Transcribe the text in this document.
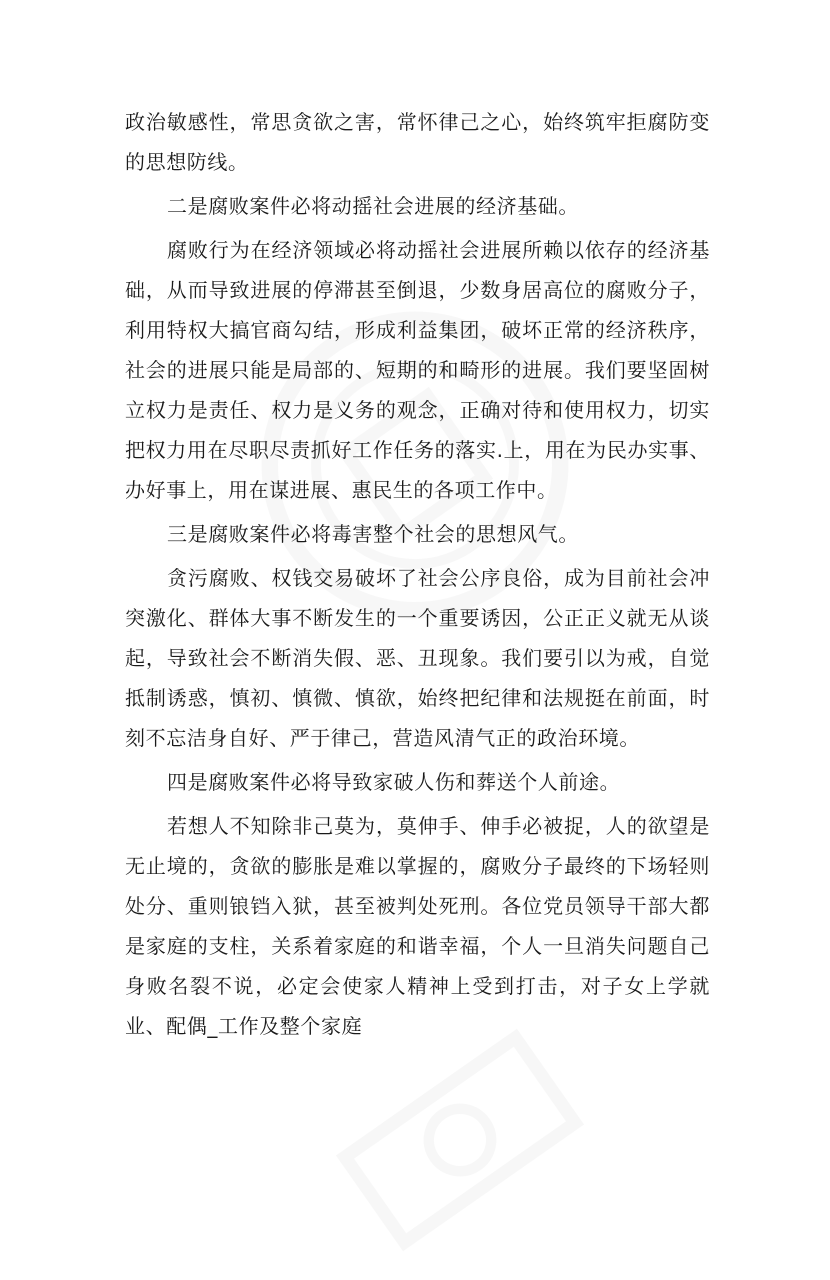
政治敏感性，常思贪欲之害，常怀律己之心，始终筑牢拒腐防变的思想防线。

二是腐败案件必将动摇社会进展的经济基础。

腐败行为在经济领域必将动摇社会进展所赖以依存的经济基础，从而导致进展的停滞甚至倒退，少数身居高位的腐败分子，利用特权大搞官商勾结，形成利益集团，破坏正常的经济秩序，社会的进展只能是局部的、短期的和畸形的进展。我们要坚固树立权力是责任、权力是义务的观念，正确对待和使用权力，切实把权力用在尽职尽责抓好工作任务的落实.上，用在为民办实事、办好事上，用在谋进展、惠民生的各项工作中。

三是腐败案件必将毒害整个社会的思想风气。

贪污腐败、权钱交易破坏了社会公序良俗，成为目前社会冲突激化、群体大事不断发生的一个重要诱因，公正正义就无从谈起，导致社会不断消失假、恶、丑现象。我们要引以为戒，自觉抵制诱惑，慎初、慎微、慎欲，始终把纪律和法规挺在前面，时刻不忘洁身自好、严于律己，营造风清气正的政治环境。

四是腐败案件必将导致家破人伤和葬送个人前途。

若想人不知除非己莫为，莫伸手、伸手必被捉，人的欲望是无止境的，贪欲的膨胀是难以掌握的，腐败分子最终的下场轻则处分、重则锒铛入狱，甚至被判处死刑。各位党员领导干部大都是家庭的支柱，关系着家庭的和谐幸福，个人一旦消失问题自己身败名裂不说，必定会使家人精神上受到打击，对子女上学就业、配偶_工作及整个家庭
